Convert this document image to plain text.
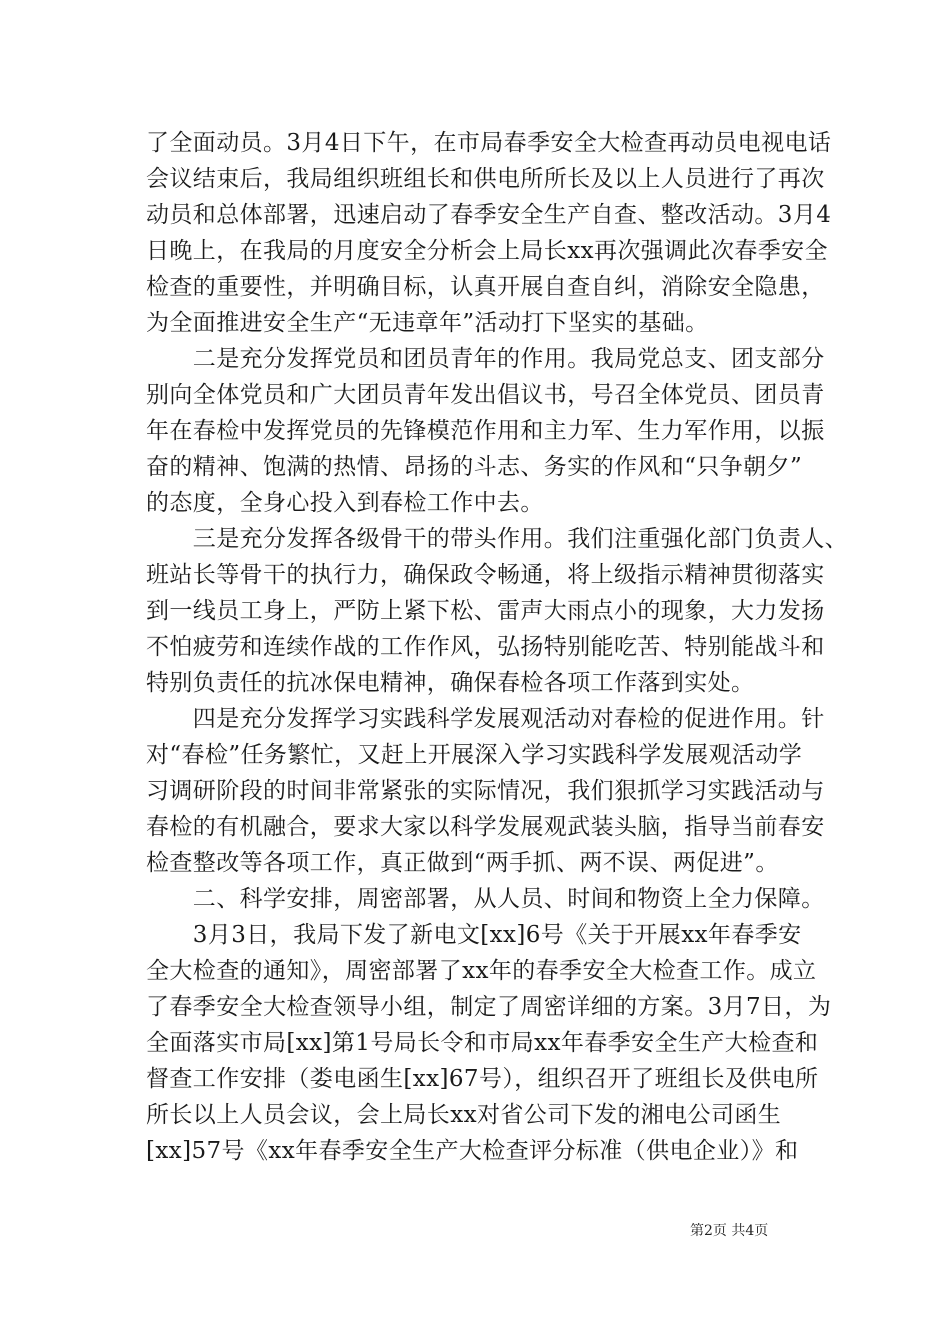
了全面动员。3月4日下午，在市局春季安全大检查再动员电视电话
会议结束后，我局组织班组长和供电所所长及以上人员进行了再次
动员和总体部署，迅速启动了春季安全生产自查、整改活动。3月4
日晚上，在我局的月度安全分析会上局长xx再次强调此次春季安全
检查的重要性，并明确目标，认真开展自查自纠，消除安全隐患，
为全面推进安全生产“无违章年”活动打下坚实的基础。
　　二是充分发挥党员和团员青年的作用。我局党总支、团支部分
别向全体党员和广大团员青年发出倡议书，号召全体党员、团员青
年在春检中发挥党员的先锋模范作用和主力军、生力军作用，以振
奋的精神、饱满的热情、昂扬的斗志、务实的作风和“只争朝夕”
的态度，全身心投入到春检工作中去。
　　三是充分发挥各级骨干的带头作用。我们注重强化部门负责人、
班站长等骨干的执行力，确保政令畅通，将上级指示精神贯彻落实
到一线员工身上，严防上紧下松、雷声大雨点小的现象，大力发扬
不怕疲劳和连续作战的工作作风，弘扬特别能吃苦、特别能战斗和
特别负责任的抗冰保电精神，确保春检各项工作落到实处。
　　四是充分发挥学习实践科学发展观活动对春检的促进作用。针
对“春检”任务繁忙，又赶上开展深入学习实践科学发展观活动学
习调研阶段的时间非常紧张的实际情况，我们狠抓学习实践活动与
春检的有机融合，要求大家以科学发展观武装头脑，指导当前春安
检查整改等各项工作，真正做到“两手抓、两不误、两促进”。
　　二、科学安排，周密部署，从人员、时间和物资上全力保障。
　　3月3日，我局下发了新电文[xx]6号《关于开展xx年春季安
全大检查的通知》，周密部署了xx年的春季安全大检查工作。成立
了春季安全大检查领导小组，制定了周密详细的方案。3月7日，为
全面落实市局[xx]第1号局长令和市局xx年春季安全生产大检查和
督查工作安排（娄电函生[xx]67号），组织召开了班组长及供电所
所长以上人员会议，会上局长xx对省公司下发的湘电公司函生
[xx]57号《xx年春季安全生产大检查评分标准（供电企业）》和
第2页 共4页
